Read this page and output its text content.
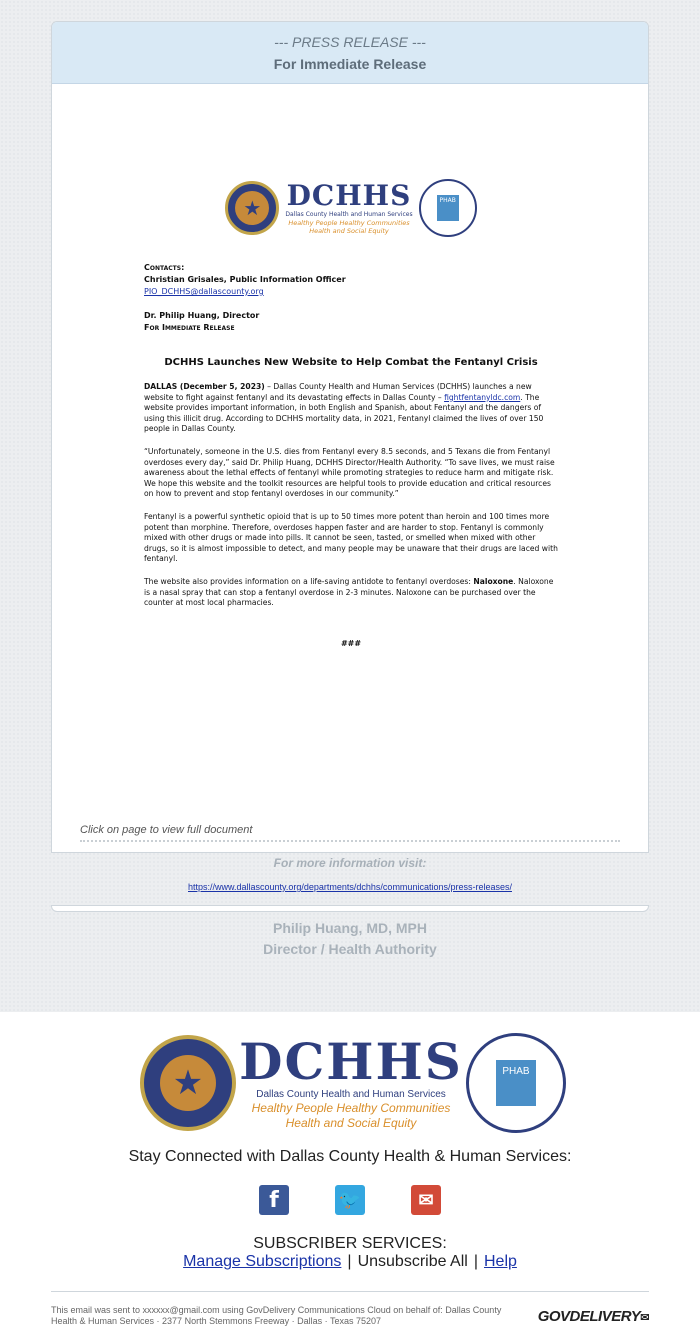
--- PRESS RELEASE ---
For Immediate Release
★ DCHHS
Dallas County Health and Human Services
Healthy People Healthy Communities
Health and Social Equity
PHAB
Contacts:
Christian Grisales, Public Information Officer
PIO_DCHHS@dallascounty.org
Dr. Philip Huang, Director
For Immediate Release
DCHHS Launches New Website to Help Combat the Fentanyl Crisis

DALLAS (December 5, 2023) – Dallas County Health and Human Services (DCHHS) launches a new website to fight against fentanyl and its devastating effects in Dallas County – fightfentanyldc.com. The website provides important information, in both English and Spanish, about Fentanyl and the dangers of using this illicit drug. According to DCHHS mortality data, in 2021, Fentanyl claimed the lives of over 150 people in Dallas County.

“Unfortunately, someone in the U.S. dies from Fentanyl every 8.5 seconds, and 5 Texans die from Fentanyl overdoses every day,” said Dr. Philip Huang, DCHHS Director/Health Authority. “To save lives, we must raise awareness about the lethal effects of fentanyl while promoting strategies to reduce harm and mitigate risk. We hope this website and the toolkit resources are helpful tools to provide education and critical resources on how to prevent and stop fentanyl overdoses in our community.”

Fentanyl is a powerful synthetic opioid that is up to 50 times more potent than heroin and 100 times more potent than morphine. Therefore, overdoses happen faster and are harder to stop. Fentanyl is commonly mixed with other drugs or made into pills. It cannot be seen, tasted, or smelled when mixed with other drugs, so it is almost impossible to detect, and many people may be unaware that their drugs are laced with fentanyl.

The website also provides information on a life-saving antidote to fentanyl overdoses: Naloxone. Naloxone is a nasal spray that can stop a fentanyl overdose in 2-3 minutes. Naloxone can be purchased over the counter at most local pharmacies.

###
Click on page to view full document
For more information visit:
https://www.dallascounty.org/departments/dchhs/communications/press-releases/
Philip Huang, MD, MPH
Director / Health Authority
★ DCHHS
Dallas County Health and Human Services
Healthy People Healthy Communities
Health and Social Equity
PHAB
Stay Connected with Dallas County Health & Human Services:
f	🐦	✉
SUBSCRIBER SERVICES:
Manage Subscriptions | Unsubscribe All | Help
This email was sent to xxxxxx@gmail.com using GovDelivery Communications Cloud on behalf of: Dallas County Health & Human Services · 2377 North Stemmons Freeway · Dallas · Texas 75207	GOVDELIVERY✉
